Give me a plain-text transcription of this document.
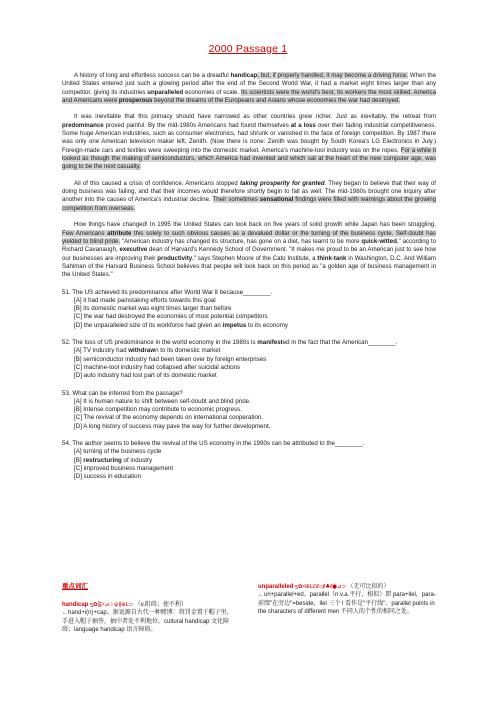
2000 Passage 1

A history of long and effortless success can be a dreadful handicap, but, if properly handled, it may become a driving force. When the United States entered just such a glowing period after the end of the Second World War, it had a market eight times larger than any competitor, giving its industries unparalleled economies of scale. Its scientists were the world's best, its workers the most skilled. America and Americans were prosperous beyond the dreams of the Europeans and Asians whose economies the war had destroyed.

It was inevitable that this primacy should have narrowed as other countries grew richer. Just as inevitably, the retreat from predominance proved painful. By the mid-1980s Americans had found themselves at a loss over their fading industrial competitiveness. Some huge American industries, such as consumer electronics, had shrunk or vanished in the face of foreign competition. By 1987 there was only one American television maker left, Zenith. (Now there is none: Zenith was bought by South Korea's LG Electronics in July.) Foreign-made cars and textiles were sweeping into the domestic market. America's machine-tool industry was on the ropes. For a while it looked as though the making of semiconductors, which America had invented and which sat at the heart of the new computer age, was going to be the next casualty.

All of this caused a crisis of confidence. Americans stopped taking prosperity for granted. They began to believe that their way of doing business was failing, and that their incomes would therefore shortly begin to fall as well. The mid-1980s brought one inquiry after another into the causes of America's industrial decline. Their sometimes sensational findings were filled with warnings about the growing competition from overseas.

How things have changed! In 1995 the United States can look back on five years of solid growth while Japan has been struggling. Few Americans attribute this solely to such obvious causes as a devalued dollar or the turning of the business cycle. Self-doubt has yielded to blind pride. "American industry has changed its structure, has gone on a diet, has learnt to be more quick-witted," according to Richard Cavanaugh, executive dean of Harvard's Kennedy School of Government. "It makes me proud to be an American just to see how our businesses are improving their productivity," says Stephen Moore of the Cato Institute, a think-tank in Washington, D.C. And William Sahlman of the Harvard Business School believes that people will look back on this period as "a golden age of business management in the United States."

51. The US achieved its predominance after World War Ⅱ because________.

[A] it had made painstaking efforts towards this goal

[B] its domestic market was eight times larger than before

[C] the war had destroyed the economies of most potential competitors

[D] the unparalleled size of its workforce had given an impetus to its economy

52. The loss of US predominance in the world economy in the 1980s is manifested in the fact that the American________.

[A] TV industry had withdrawn to its domestic market

[B] semiconductor industry had been taken over by foreign enterprises

[C] machine-tool industry had collapsed after suicidal actions

[D] auto industry had lost part of its domestic market

53. What can be inferred from the passage?

[A] It is human nature to shift between self-doubt and blind pride.

[B] Intense competition may contribute to economic progress.

[C] The revival of the economy depends on international cooperation.

[D] A long history of success may pave the way for further development.

54. The author seems to believe the revival of the US economy in the 1990s can be attributed to the________.

[A] turning of the business cycle

[B] restructuring of industry

[C] improved business management

[D] success in education

重点词汇
handicap ƽ✿⋛♯⊿♤ѱ∦⊕Ŀ⊃ （v.阻碍；使不利）←hand+i(n)+cap。据说源自古代一种赌博：将罚金置于帽子里，手进入帽子抽签，抽中者处不利地位。cultural handicap 文化障碍；language handicap 语言障碍。
unparalleled ƽ✿♯⊞Ŀ⊡ℓ◁ℓ♣ℓ●⊿⊃ （无可比拟的）←un+parallel+ed。parallel（n.v.a.平行，相似）即 para+llel，para-前缀"在旁边"=beside，llel 三个 l 看作是"平行线"。parallel points in the characters of different men 不同人的个性的相同之处。
